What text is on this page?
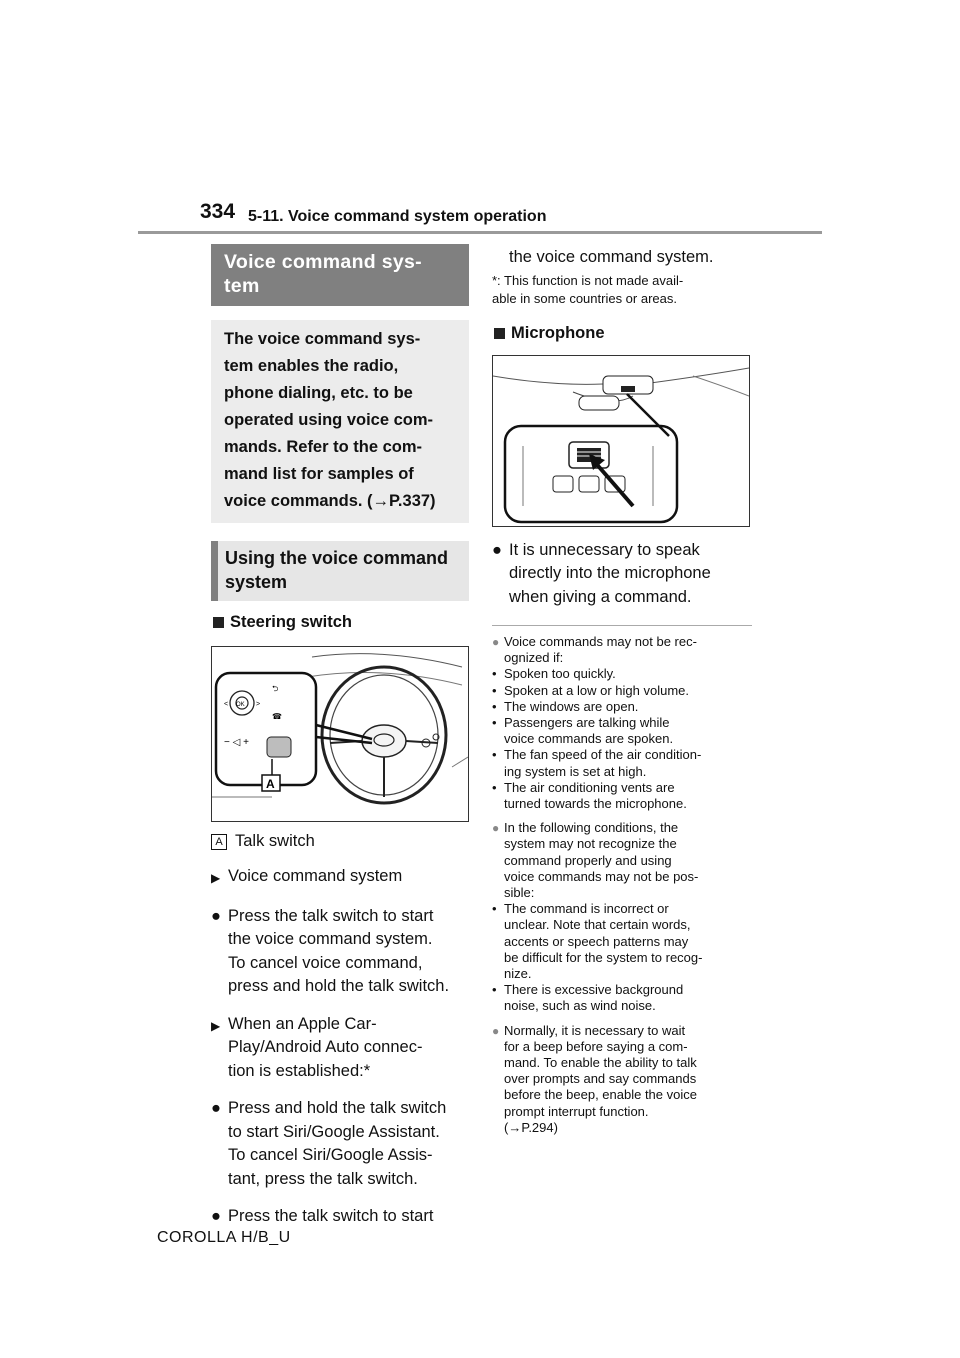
334 5-11. Voice command system operation
Voice command sys-
tem
The voice command sys-
tem enables the radio,
phone dialing, etc. to be
operated using voice com-
mands. Refer to the com-
mand list for samples of
voice commands. (→P.337)
Using the voice command
system
Steering switch
OK
<	>
⮌
☎
− ◁ +
A
A Talk switch
▶ Voice command system
● Press the talk switch to start
the voice command system.
To cancel voice command,
press and hold the talk switch.
▶ When an Apple Car-
Play/Android Auto connec-
tion is established:*
● Press and hold the talk switch
to start Siri/Google Assistant.
To cancel Siri/Google Assis-
tant, press the talk switch.
● Press the talk switch to start
the voice command system.
*: This function is not made avail-
able in some countries or areas.
Microphone
● It is unnecessary to speak
directly into the microphone
when giving a command.
● Voice commands may not be rec-
ognized if:
• Spoken too quickly.
• Spoken at a low or high volume.
• The windows are open.
• Passengers are talking while
voice commands are spoken.
• The fan speed of the air condition-
ing system is set at high.
• The air conditioning vents are
turned towards the microphone.
● In the following conditions, the
system may not recognize the
command properly and using
voice commands may not be pos-
sible:
• The command is incorrect or
unclear. Note that certain words,
accents or speech patterns may
be difficult for the system to recog-
nize.
• There is excessive background
noise, such as wind noise.
● Normally, it is necessary to wait
for a beep before saying a com-
mand. To enable the ability to talk
over prompts and say commands
before the beep, enable the voice
prompt interrupt function.
(→P.294)
COROLLA H/B_U
